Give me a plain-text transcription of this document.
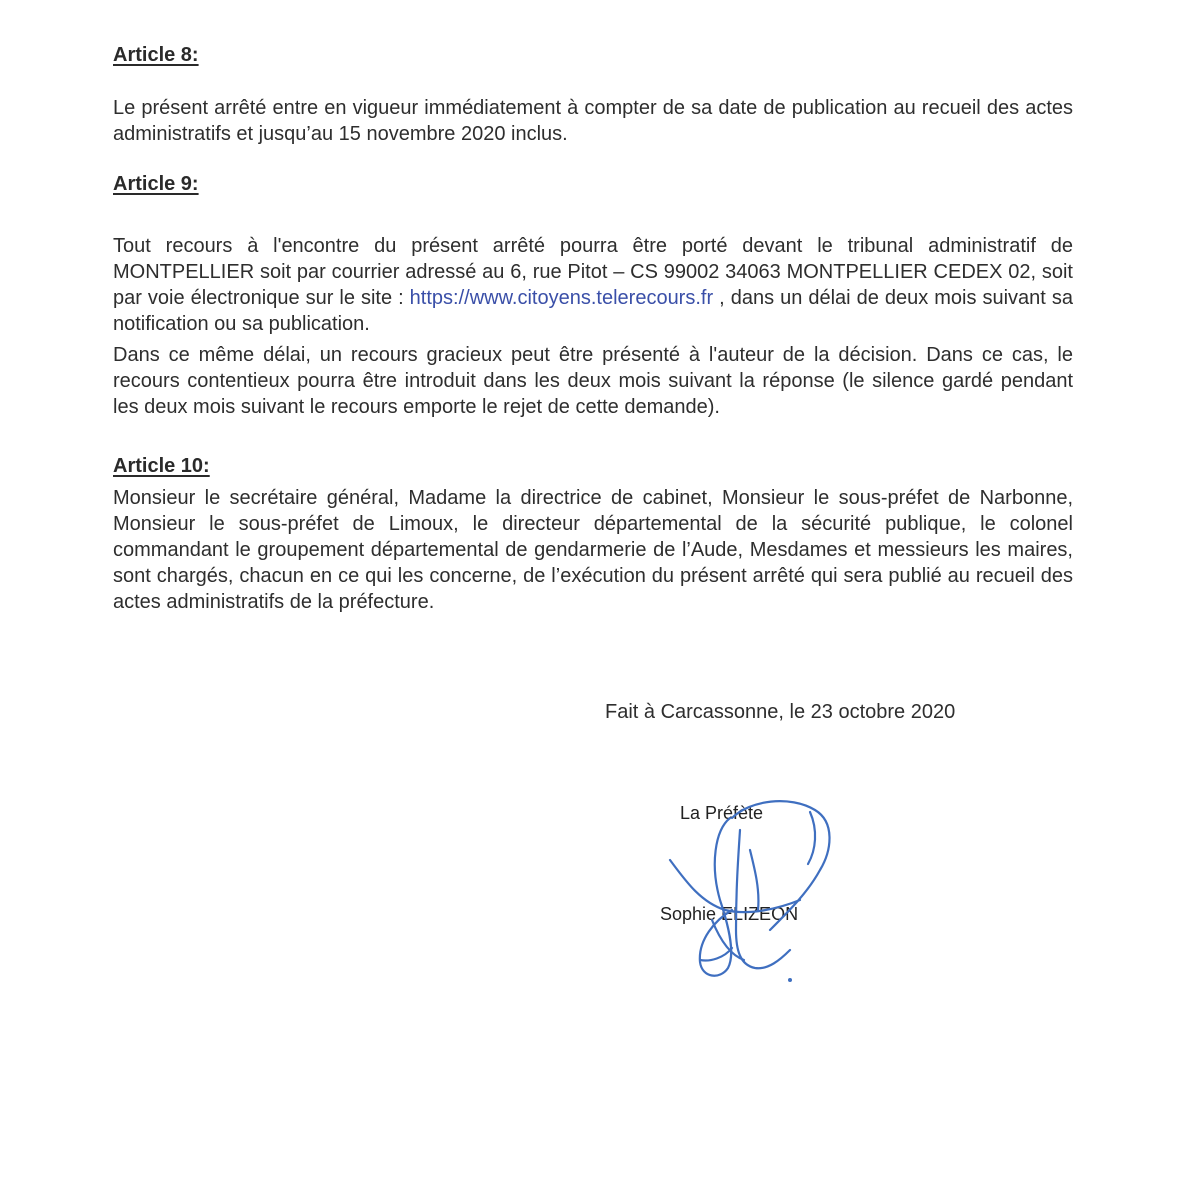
Article 8:

Le présent arrêté entre en vigueur immédiatement à compter de sa date de publication au recueil des actes administratifs et jusqu’au 15 novembre 2020 inclus.

Article 9:

Tout recours à l'encontre du présent arrêté pourra être porté devant le tribunal administratif de MONTPELLIER soit par courrier adressé au 6, rue Pitot – CS 99002 34063 MONTPELLIER CEDEX 02, soit par voie électronique sur le site : https://www.citoyens.telerecours.fr , dans un délai de deux mois suivant sa notification ou sa publication.

Dans ce même délai, un recours gracieux peut être présenté à l'auteur de la décision. Dans ce cas, le recours contentieux pourra être introduit dans les deux mois suivant la réponse (le silence gardé pendant les deux mois suivant le recours emporte le rejet de cette demande).

Article 10:

Monsieur le secrétaire général, Madame la directrice de cabinet, Monsieur le sous-préfet de Narbonne, Monsieur le sous-préfet de Limoux, le directeur départemental de la sécurité publique, le colonel commandant le groupement départemental de gendarmerie de l’Aude, Mesdames et messieurs les maires, sont chargés, chacun en ce qui les concerne, de l’exécution du présent arrêté qui sera publié au recueil des actes administratifs de la préfecture.

Fait à Carcassonne, le 23 octobre 2020
La Préfète
Sophie ELIZEON
